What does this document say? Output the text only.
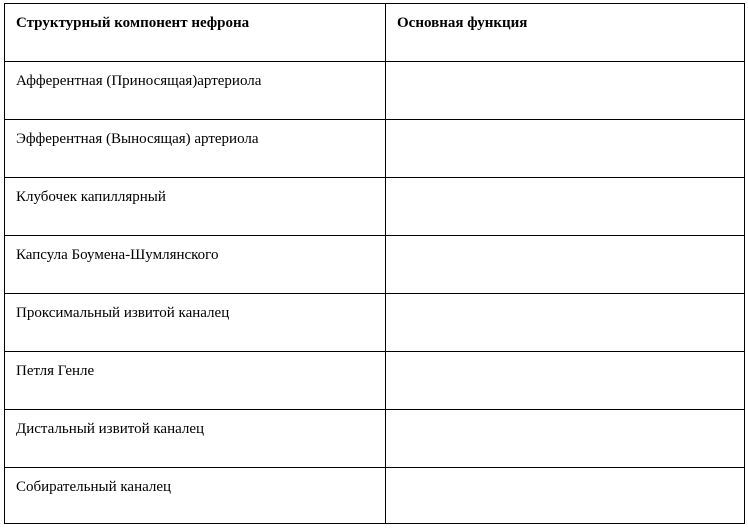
Структурный компонент нефрона	Основная функция
Афферентная (Приносящая)артериола	
Эфферентная (Выносящая) артериола	
Клубочек капиллярный	
Капсула Боумена-Шумлянского	
Проксимальный извитой каналец	
Петля Генле	
Дистальный извитой каналец	
Собирательный каналец	
